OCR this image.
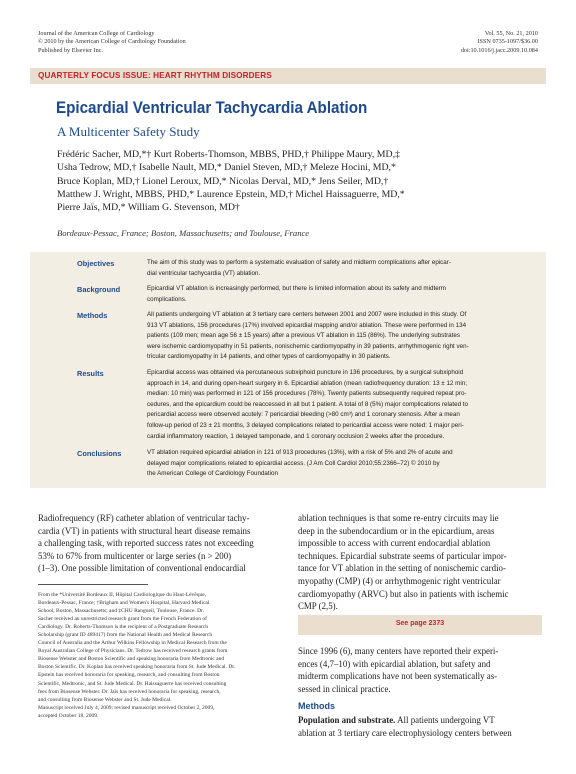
Journal of the American College of Cardiology
© 2010 by the American College of Cardiology Foundation
Published by Elsevier Inc.
Vol. 55, No. 21, 2010
ISSN 0735-1097/$36.00
doi:10.1016/j.jacc.2009.10.084
QUARTERLY FOCUS ISSUE: HEART RHYTHM DISORDERS
Epicardial Ventricular Tachycardia Ablation
A Multicenter Safety Study
Frédéric Sacher, MD,*† Kurt Roberts-Thomson, MBBS, PHD,† Philippe Maury, MD,‡
Usha Tedrow, MD,† Isabelle Nault, MD,* Daniel Steven, MD,† Meleze Hocini, MD,*
Bruce Koplan, MD,† Lionel Leroux, MD,* Nicolas Derval, MD,* Jens Seiler, MD,†
Matthew J. Wright, MBBS, PHD,* Laurence Epstein, MD,† Michel Haissaguerre, MD,*
Pierre Jaïs, MD,* William G. Stevenson, MD†
Bordeaux-Pessac, France; Boston, Massachusetts; and Toulouse, France
Objectives	The aim of this study was to perform a systematic evaluation of safety and midterm complications after epicar-
dial ventricular tachycardia (VT) ablation.
Background	Epicardial VT ablation is increasingly performed, but there is limited information about its safety and midterm
complications.
Methods	All patients undergoing VT ablation at 3 tertiary care centers between 2001 and 2007 were included in this study. Of
913 VT ablations, 156 procedures (17%) involved epicardial mapping and/or ablation. These were performed in 134
patients (109 men; mean age 56 ± 15 years) after a previous VT ablation in 115 (86%). The underlying substrates
were ischemic cardiomyopathy in 51 patients, nonischemic cardiomyopathy in 39 patients, arrhythmogenic right ven-
tricular cardiomyopathy in 14 patients, and other types of cardiomyopathy in 30 patients.
Results	Epicardial access was obtained via percutaneous subxiphoid puncture in 136 procedures, by a surgical subxiphoid
approach in 14, and during open-heart surgery in 6. Epicardial ablation (mean radiofrequency duration: 13 ± 12 min;
median: 10 min) was performed in 121 of 156 procedures (78%). Twenty patients subsequently required repeat pro-
cedures, and the epicardium could be reaccessed in all but 1 patient. A total of 8 (5%) major complications related to
pericardial access were observed acutely: 7 pericardial bleeding (>80 cm³) and 1 coronary stenosis. After a mean
follow-up period of 23 ± 21 months, 3 delayed complications related to pericardial access were noted: 1 major peri-
cardial inflammatory reaction, 1 delayed tamponade, and 1 coronary occlusion 2 weeks after the procedure.
Conclusions	VT ablation required epicardial ablation in 121 of 913 procedures (13%), with a risk of 5% and 2% of acute and
delayed major complications related to epicardial access. (J Am Coll Cardiol 2010;55:2366–72) © 2010 by
the American College of Cardiology Foundation
Radiofrequency (RF) catheter ablation of ventricular tachy-
cardia (VT) in patients with structural heart disease remains
a challenging task, with reported success rates not exceeding
53% to 67% from multicenter or large series (n > 200)
(1–3). One possible limitation of conventional endocardial
From the *Université Bordeaux II, Hôpital Cardiologique du Haut-Lévêque,
Bordeaux-Pessac, France; †Brigham and Women's Hospital, Harvard Medical
School, Boston, Massachusetts; and ‡CHU Rangueil, Toulouse, France. Dr.
Sacher received an unrestricted research grant from the French Federation of
Cardiology. Dr. Roberts-Thomson is the recipient of a Postgraduate Research
Scholarship (grant ID 489417) from the National Health and Medical Research
Council of Australia and the Arthur Wilkins Fellowship in Medical Research from the
Royal Australian College of Physicians. Dr. Tedrow has received research grants from
Biosense Webster and Boston Scientific and speaking honoraria from Medtronic and
Boston Scientific. Dr. Koplan has received speaking honoraria from St. Jude Medical. Dr.
Epstein has received honoraria for speaking, research, and consulting from Boston
Scientific, Medtronic, and St. Jude Medical. Dr. Haissaguerre has received consulting
fees from Biosense Webster. Dr. Jaïs has received honoraria for speaking, research,
and consulting from Biosense Webster and St. Jude Medical.
Manuscript received July 4, 2009; revised manuscript received October 2, 2009,
accepted October 18, 2009.
ablation techniques is that some re-entry circuits may lie
deep in the subendocardium or in the epicardium, areas
impossible to access with current endocardial ablation
techniques. Epicardial substrate seems of particular impor-
tance for VT ablation in the setting of nonischemic cardio-
myopathy (CMP) (4) or arrhythmogenic right ventricular
cardiomyopathy (ARVC) but also in patients with ischemic
CMP (2,5).
See page 2373
Since 1996 (6), many centers have reported their experi-
ences (4,7–10) with epicardial ablation, but safety and
midterm complications have not been systematically as-
sessed in clinical practice.
Methods
Population and substrate. All patients undergoing VT
ablation at 3 tertiary care electrophysiology centers between
